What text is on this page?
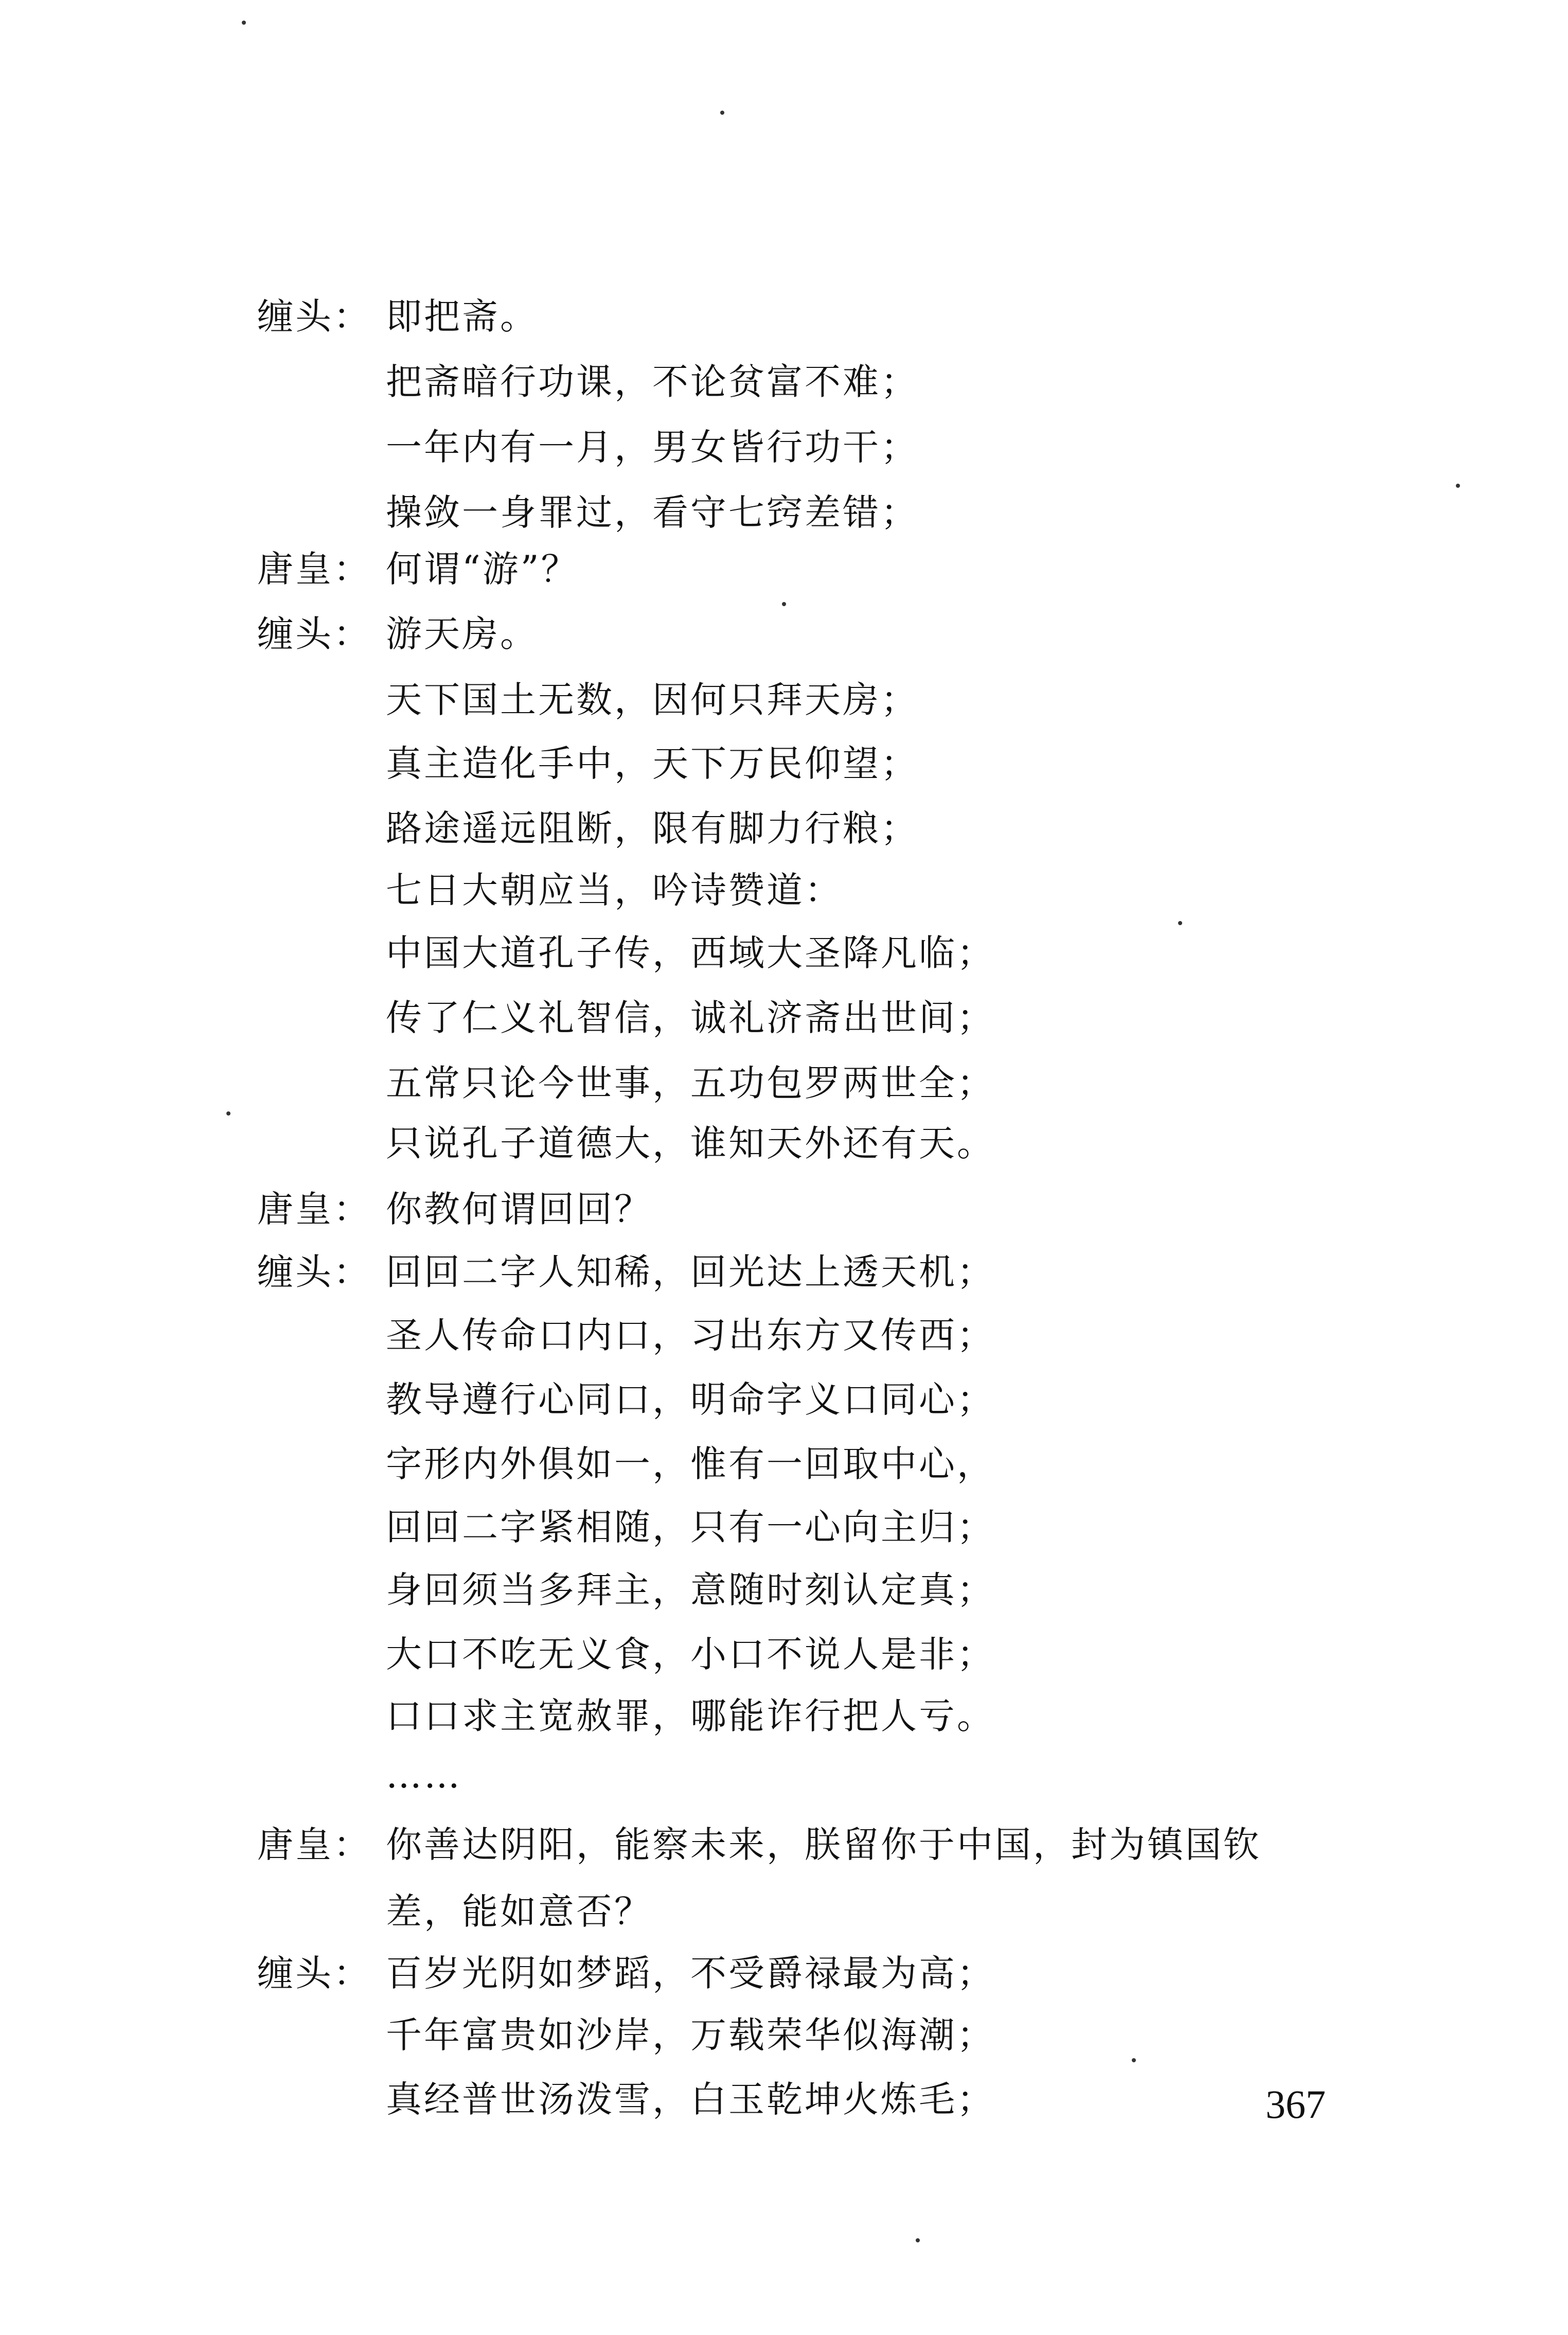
缠头： 即把斋。
把斋暗行功课，不论贫富不难；
一年内有一月，男女皆行功干；
操敛一身罪过，看守七窍差错；
唐皇： 何谓“游”？
缠头： 游天房。
天下国土无数，因何只拜天房；
真主造化手中，天下万民仰望；
路途遥远阻断，限有脚力行粮；
七日大朝应当，吟诗赞道：
中国大道孔子传，西域大圣降凡临；
传了仁义礼智信，诚礼济斋出世间；
五常只论今世事，五功包罗两世全；
只说孔子道德大，谁知天外还有天。
唐皇： 你教何谓回回？
缠头： 回回二字人知稀，回光达上透天机；
圣人传命口内口，习出东方又传西；
教导遵行心同口，明命字义口同心；
字形内外俱如一，惟有一回取中心，
回回二字紧相随，只有一心向主归；
身回须当多拜主，意随时刻认定真；
大口不吃无义食，小口不说人是非；
口口求主宽赦罪，哪能诈行把人亏。
……
唐皇： 你善达阴阳，能察未来，朕留你于中国，封为镇国钦
差，能如意否？
缠头： 百岁光阴如梦蹈，不受爵禄最为高；
千年富贵如沙岸，万载荣华似海潮；
真经普世汤泼雪，白玉乾坤火炼毛；	367
